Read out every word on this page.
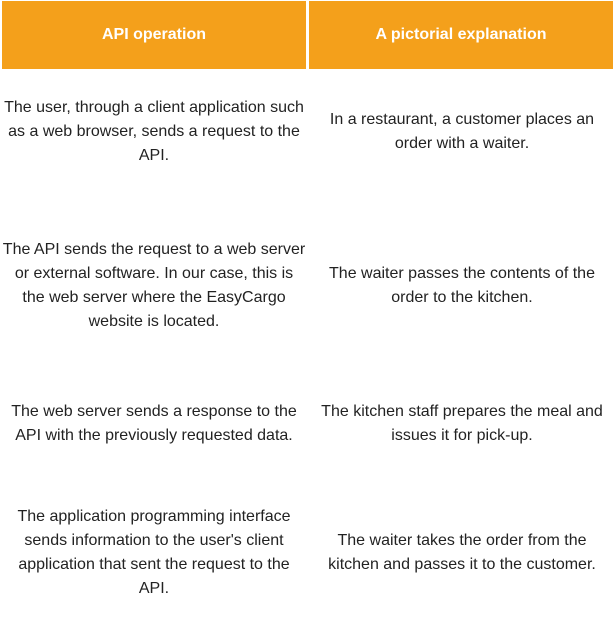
API operation	A pictorial explanation
The user, through a client application such as a web browser, sends a request to the API.
In a restaurant, a customer places an order with a waiter.
The API sends the request to a web server or external software. In our case, this is the web server where the EasyCargo website is located.
The waiter passes the contents of the order to the kitchen.
The web server sends a response to the API with the previously requested data.
The kitchen staff prepares the meal and issues it for pick-up.
The application programming interface sends information to the user's client application that sent the request to the API.
The waiter takes the order from the kitchen and passes it to the customer.
